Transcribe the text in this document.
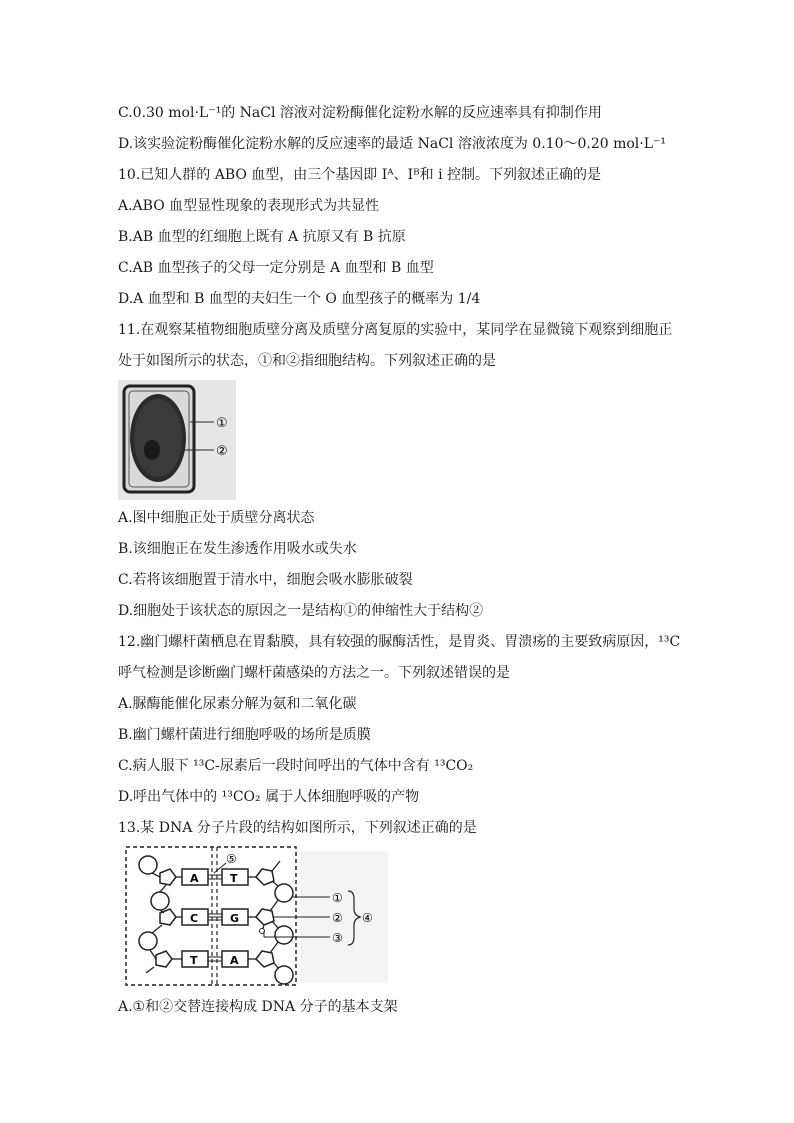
C.0.30 mol·L⁻¹的 NaCl 溶液对淀粉酶催化淀粉水解的反应速率具有抑制作用
D.该实验淀粉酶催化淀粉水解的反应速率的最适 NaCl 溶液浓度为 0.10～0.20 mol·L⁻¹
10.已知人群的 ABO 血型，由三个基因即 Iᴬ、Iᴮ和 i 控制。下列叙述正确的是
A.ABO 血型显性现象的表现形式为共显性
B.AB 血型的红细胞上既有 A 抗原又有 B 抗原
C.AB 血型孩子的父母一定分别是 A 血型和 B 血型
D.A 血型和 B 血型的夫妇生一个 O 血型孩子的概率为 1/4
11.在观察某植物细胞质壁分离及质壁分离复原的实验中，某同学在显微镜下观察到细胞正
处于如图所示的状态，①和②指细胞结构。下列叙述正确的是
①
②
A.图中细胞正处于质壁分离状态
B.该细胞正在发生渗透作用吸水或失水
C.若将该细胞置于清水中，细胞会吸水膨胀破裂
D.细胞处于该状态的原因之一是结构①的伸缩性大于结构②
12.幽门螺杆菌栖息在胃黏膜，具有较强的脲酶活性，是胃炎、胃溃疡的主要致病原因，¹³C
呼气检测是诊断幽门螺杆菌感染的方法之一。下列叙述错误的是
A.脲酶能催化尿素分解为氨和二氧化碳
B.幽门螺杆菌进行细胞呼吸的场所是质膜
C.病人服下 ¹³C-尿素后一段时间呼出的气体中含有 ¹³CO₂
D.呼出气体中的 ¹³CO₂ 属于人体细胞呼吸的产物
13.某 DNA 分子片段的结构如图所示，下列叙述正确的是
A
C
T
T
G
A
⑤
①
②
③
④
A.①和②交替连接构成 DNA 分子的基本支架
